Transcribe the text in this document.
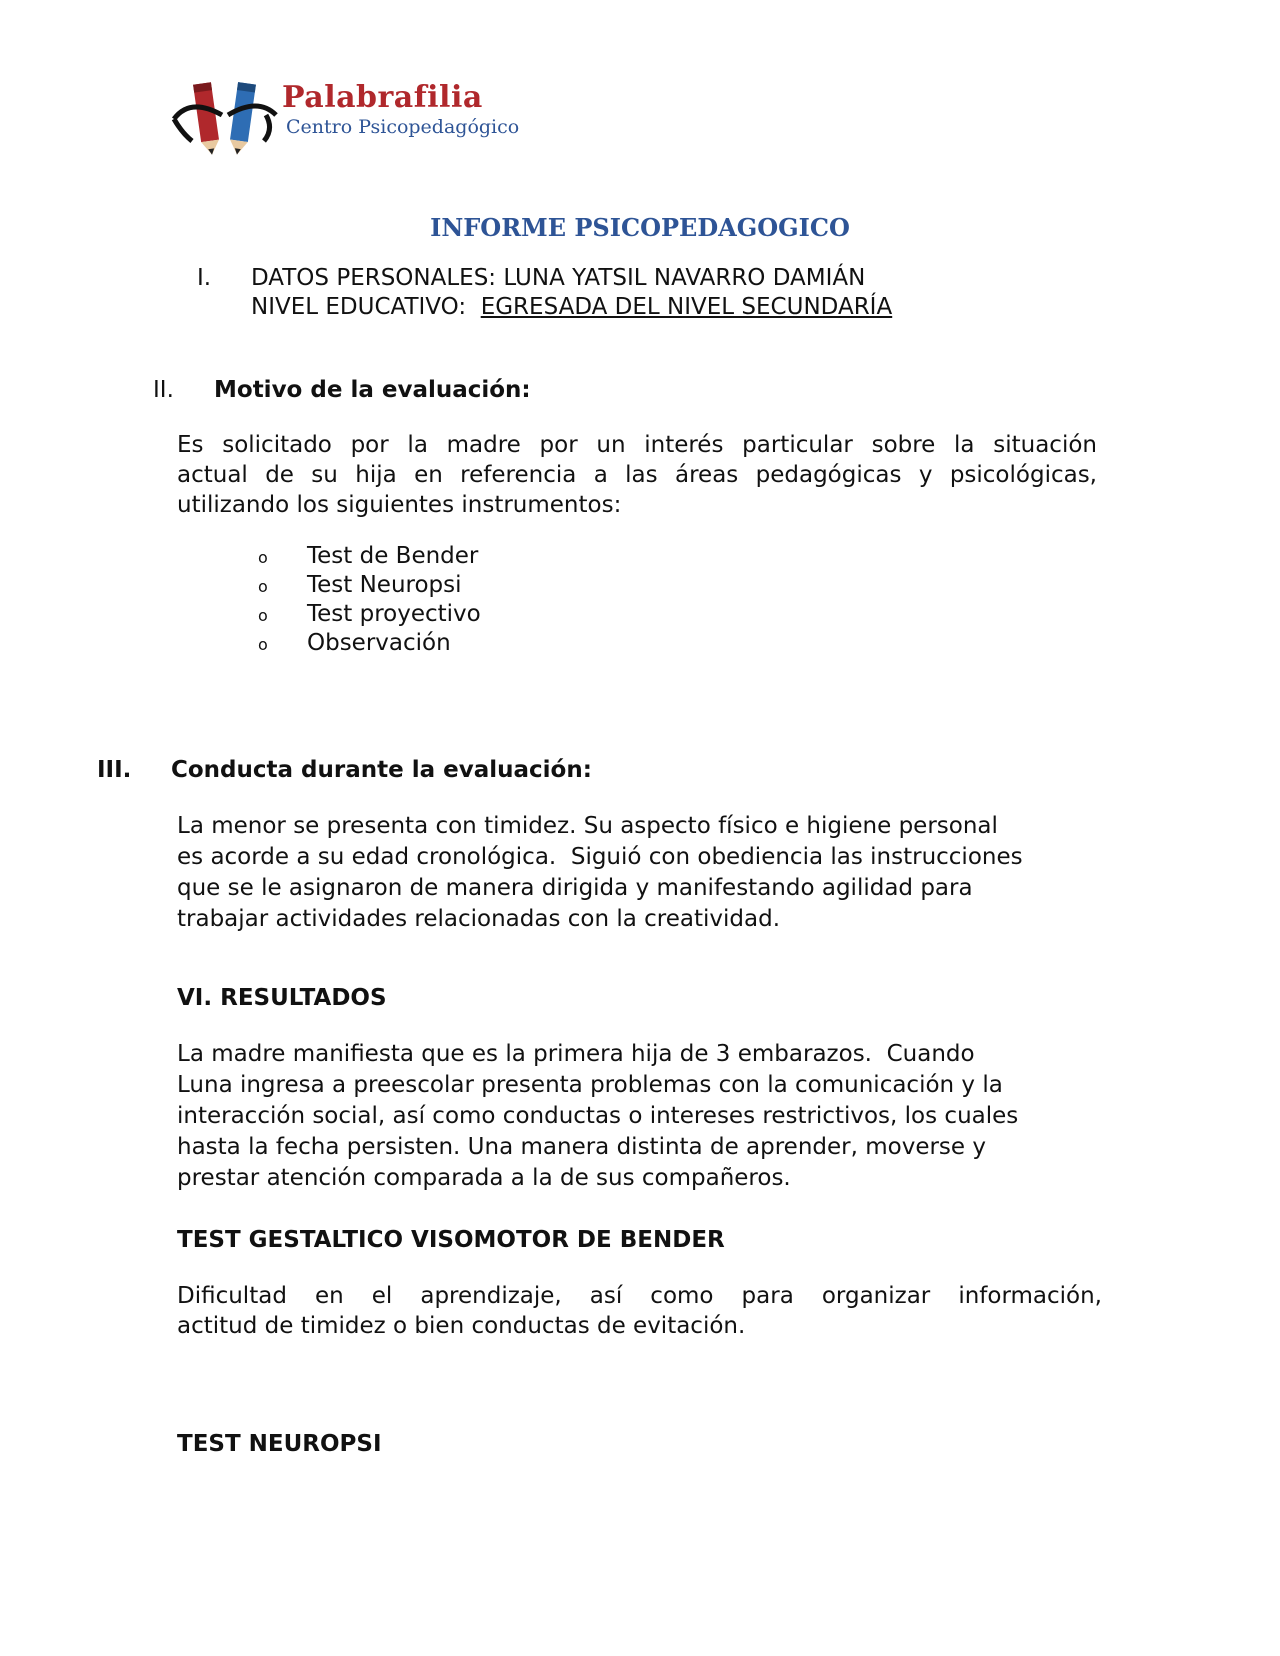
Palabrafilia
Centro Psicopedagógico
INFORME PSICOPEDAGOGICO
I. DATOS PERSONALES: LUNA YATSIL NAVARRO DAMIÁN
NIVEL EDUCATIVO: EGRESADA DEL NIVEL SECUNDARÍA
II. Motivo de la evaluación:
Es solicitado por la madre por un interés particular sobre la situación
actual de su hija en referencia a las áreas pedagógicas y psicológicas,
utilizando los siguientes instrumentos:
o Test de Bender
o Test Neuropsi
o Test proyectivo
o Observación
III. Conducta durante la evaluación:
La menor se presenta con timidez. Su aspecto físico e higiene personal
es acorde a su edad cronológica.  Siguió con obediencia las instrucciones
que se le asignaron de manera dirigida y manifestando agilidad para
trabajar actividades relacionadas con la creatividad.
VI. RESULTADOS
La madre manifiesta que es la primera hija de 3 embarazos.  Cuando
Luna ingresa a preescolar presenta problemas con la comunicación y la
interacción social, así como conductas o intereses restrictivos, los cuales
hasta la fecha persisten. Una manera distinta de aprender, moverse y
prestar atención comparada a la de sus compañeros.
TEST GESTALTICO VISOMOTOR DE BENDER
Dificultad en el aprendizaje, así como para organizar información,
actitud de timidez o bien conductas de evitación.
TEST NEUROPSI
